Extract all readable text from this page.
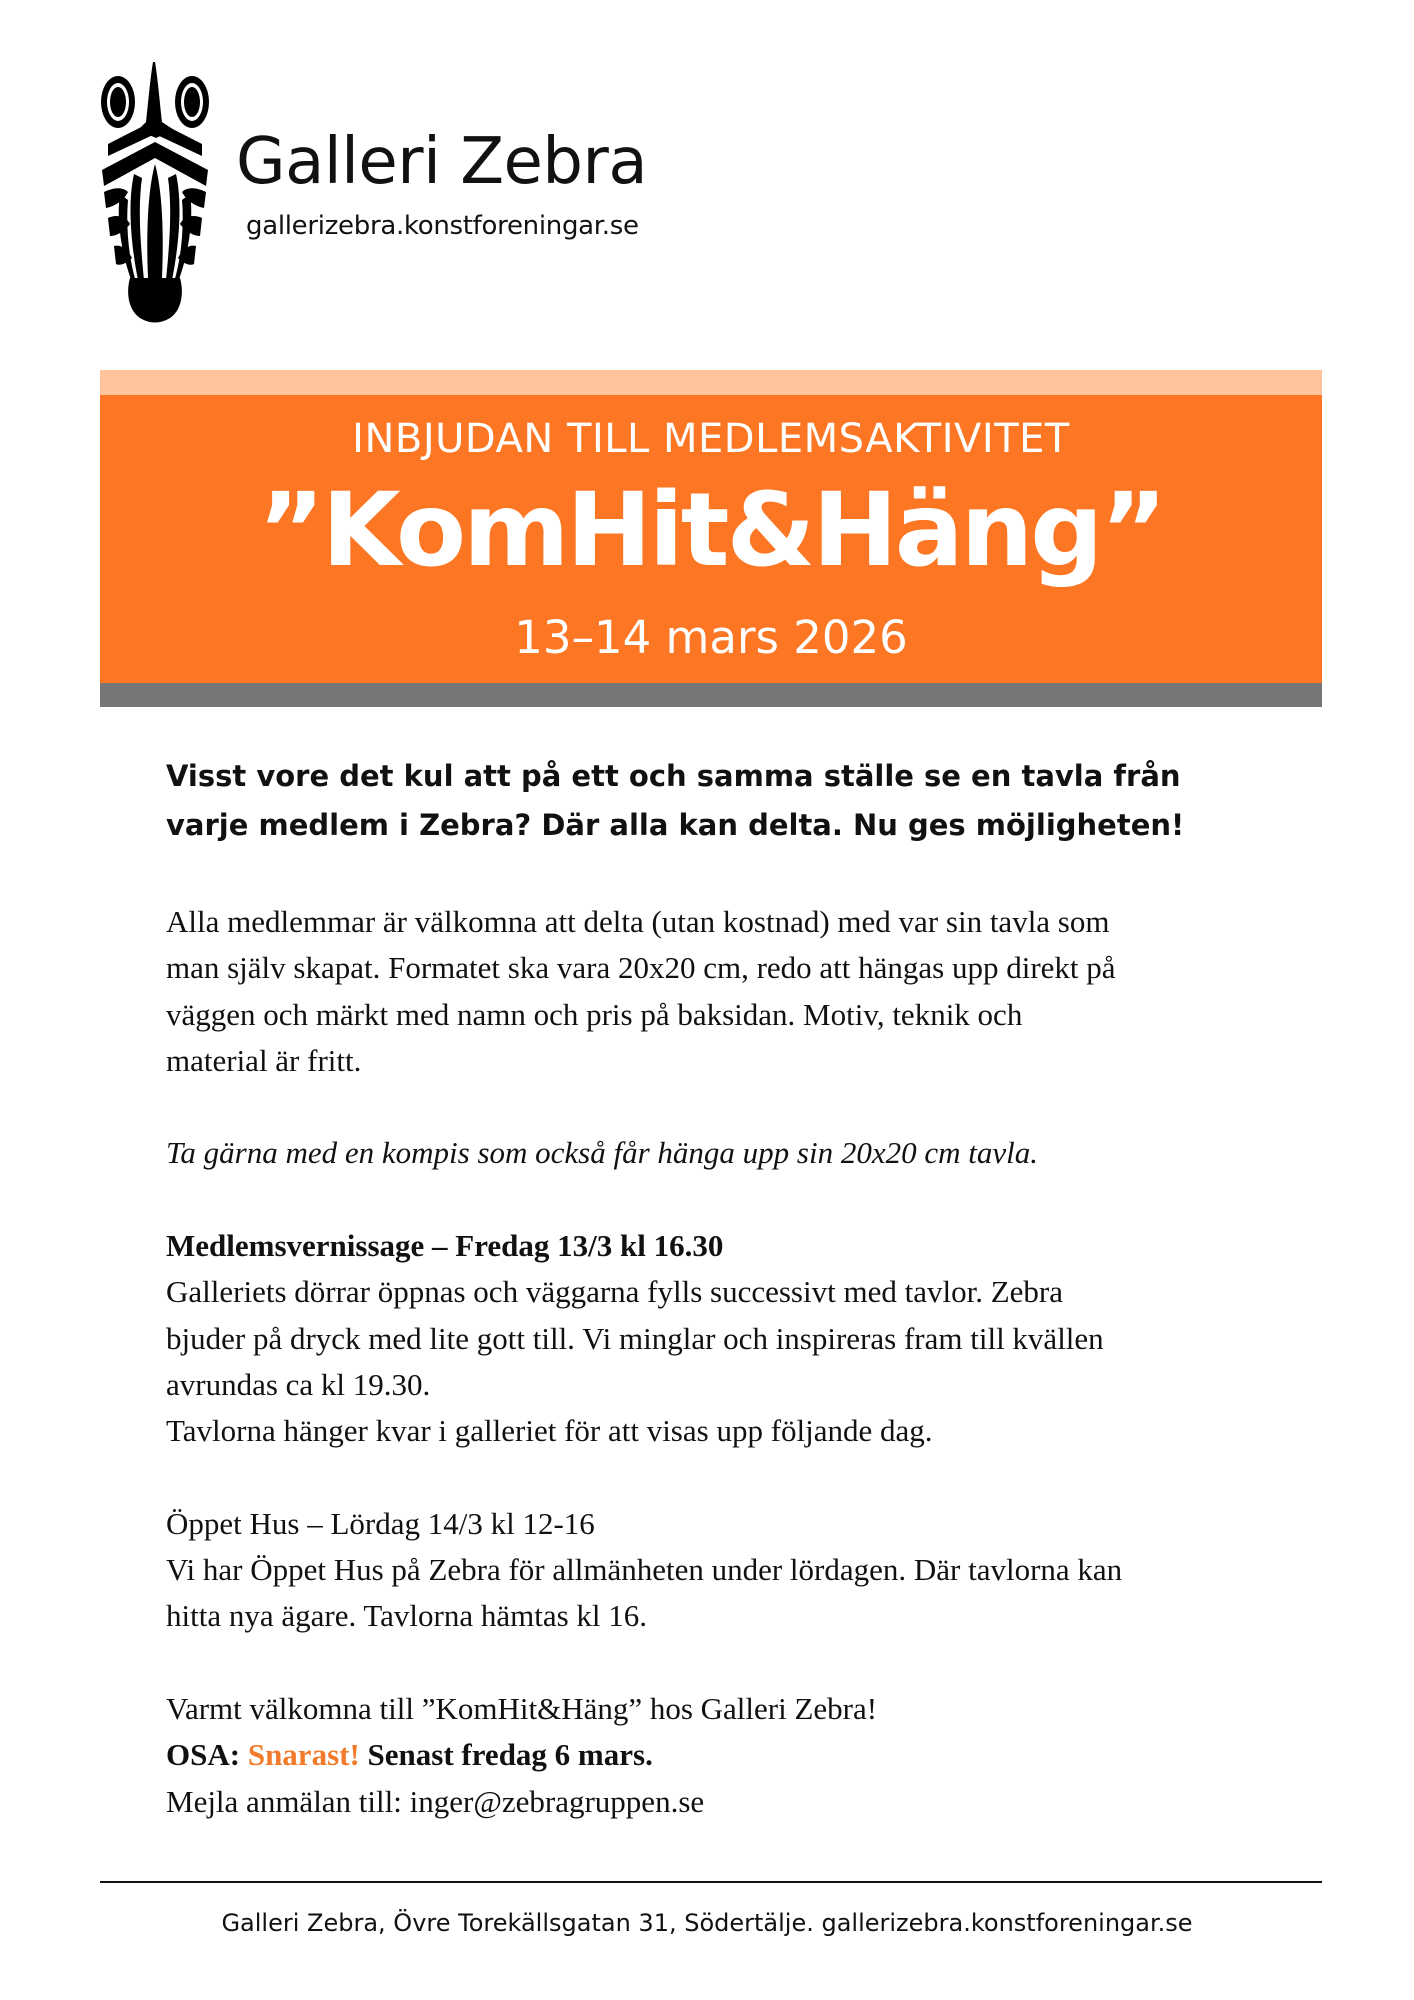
Galleri Zebra
gallerizebra.konstforeningar.se
INBJUDAN TILL MEDLEMSAKTIVITET
”KomHit&Häng”
13–14 mars 2026
Visst vore det kul att på ett och samma ställe se en tavla från
varje medlem i Zebra? Där alla kan delta. Nu ges möjligheten!
Alla medlemmar är välkomna att delta (utan kostnad) med var sin tavla som
man själv skapat. Formatet ska vara 20x20 cm, redo att hängas upp direkt på
väggen och märkt med namn och pris på baksidan. Motiv, teknik och
material är fritt.
Ta gärna med en kompis som också får hänga upp sin 20x20 cm tavla.
Medlemsvernissage – Fredag 13/3 kl 16.30
Galleriets dörrar öppnas och väggarna fylls successivt med tavlor. Zebra
bjuder på dryck med lite gott till. Vi minglar och inspireras fram till kvällen
avrundas ca kl 19.30.
Tavlorna hänger kvar i galleriet för att visas upp följande dag.
Öppet Hus – Lördag 14/3 kl 12-16
Vi har Öppet Hus på Zebra för allmänheten under lördagen. Där tavlorna kan
hitta nya ägare. Tavlorna hämtas kl 16.
Varmt välkomna till ”KomHit&Häng” hos Galleri Zebra!
OSA: Snarast! Senast fredag 6 mars.
Mejla anmälan till: inger@zebragruppen.se
Galleri Zebra, Övre Torekällsgatan 31, Södertälje. gallerizebra.konstforeningar.se
